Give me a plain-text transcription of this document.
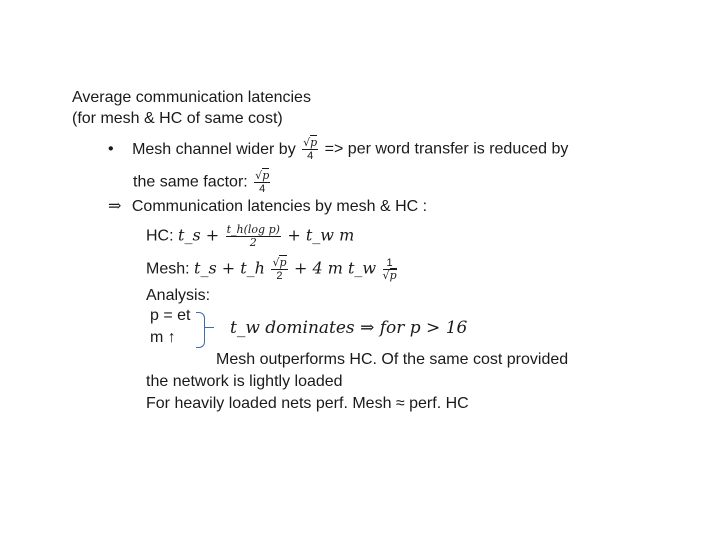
Average communication latencies
(for mesh & HC of same cost)
• Mesh channel wider by $\frac{√p}{4}$ => per word transfer is reduced by
the same factor: $\frac{√p}{4}$
⇒ Communication latencies by mesh & HC :
HC: t_s + $\frac{\text{t\_h(log p)}}{2}$ + t_w m
Mesh: t_s + t_h $\frac{√p}{2} + 4$ m t_w $\frac{1}{√p}$
Analysis:
p = et
m ↑	t_w dominates ⇒ for p > 16
Mesh outperforms HC. Of the same cost provided
the network is lightly loaded
For heavily loaded nets perf. Mesh ≈ perf. HC
